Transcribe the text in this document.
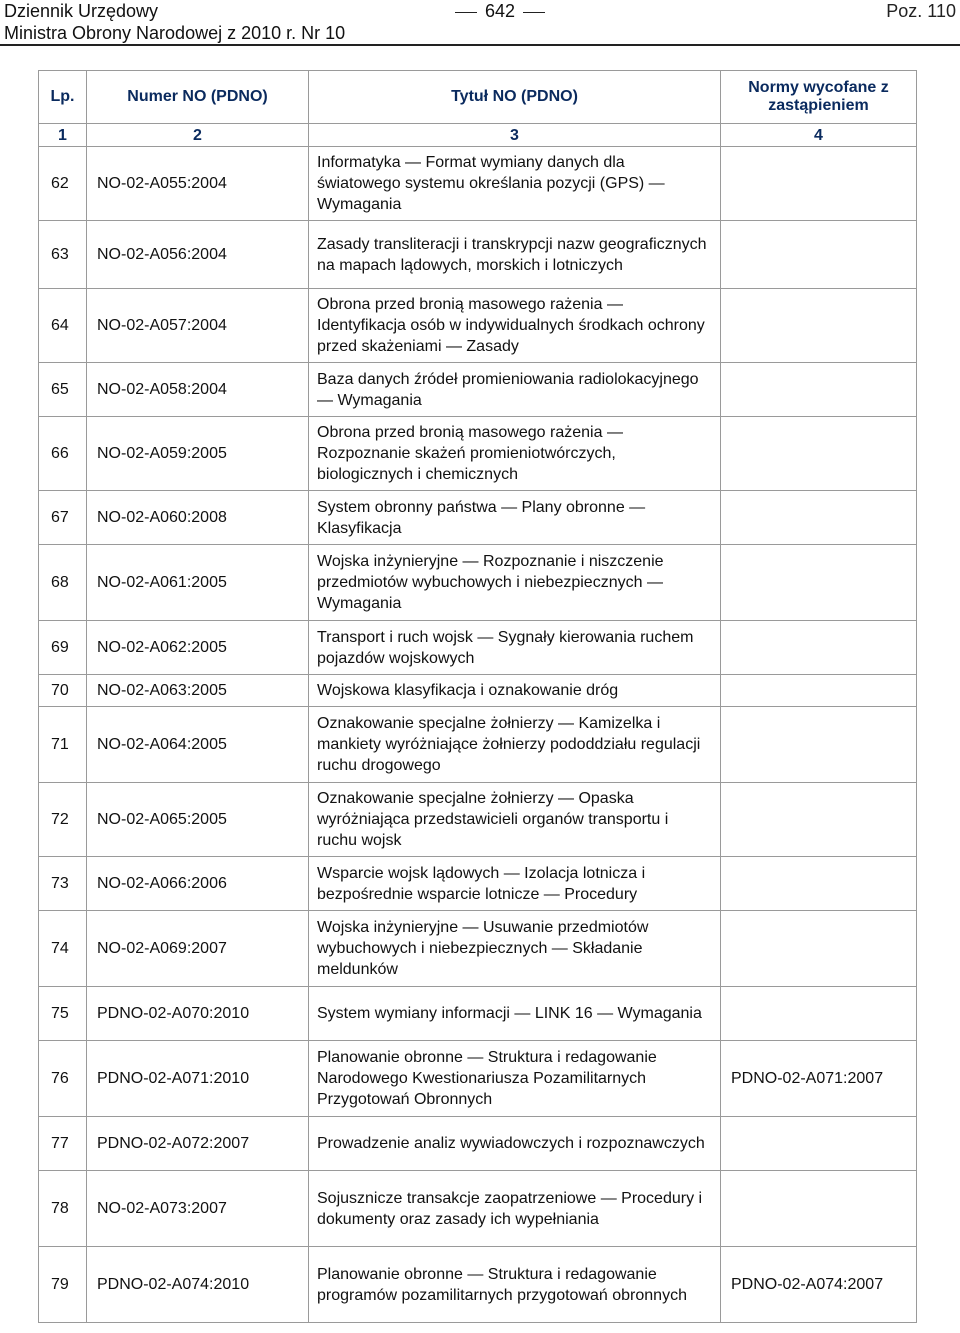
Dziennik Urzędowy
Ministra Obrony Narodowej z 2010 r. Nr 10
642	Poz. 110
Lp.	Numer NO (PDNO)	Tytuł NO (PDNO)	Normy wycofane z zastąpieniem
1	2	3	4
62	NO-02-A055:2004	Informatyka — Format wymiany danych dla światowego systemu określania pozycji (GPS) — Wymagania	
63	NO-02-A056:2004	Zasady transliteracji i transkrypcji nazw geograficznych na mapach lądowych, morskich i lotniczych	
64	NO-02-A057:2004	Obrona przed bronią masowego rażenia — Identyfikacja osób w indywidualnych środkach ochrony przed skażeniami — Zasady	
65	NO-02-A058:2004	Baza danych źródeł promieniowania radiolokacyjnego — Wymagania	
66	NO-02-A059:2005	Obrona przed bronią masowego rażenia — Rozpoznanie skażeń promieniotwórczych, biologicznych i chemicznych	
67	NO-02-A060:2008	System obronny państwa — Plany obronne — Klasyfikacja	
68	NO-02-A061:2005	Wojska inżynieryjne — Rozpoznanie i niszczenie przedmiotów wybuchowych i niebezpiecznych — Wymagania	
69	NO-02-A062:2005	Transport i ruch wojsk — Sygnały kierowania ruchem pojazdów wojskowych	
70	NO-02-A063:2005	Wojskowa klasyfikacja i oznakowanie dróg	
71	NO-02-A064:2005	Oznakowanie specjalne żołnierzy — Kamizelka i mankiety wyróżniające żołnierzy pododdziału regulacji ruchu drogowego	
72	NO-02-A065:2005	Oznakowanie specjalne żołnierzy — Opaska wyróżniająca przedstawicieli organów transportu i ruchu wojsk	
73	NO-02-A066:2006	Wsparcie wojsk lądowych — Izolacja lotnicza i bezpośrednie wsparcie lotnicze — Procedury	
74	NO-02-A069:2007	Wojska inżynieryjne — Usuwanie przedmiotów wybuchowych i niebezpiecznych — Składanie meldunków	
75	PDNO-02-A070:2010	System wymiany informacji — LINK 16 — Wymagania	
76	PDNO-02-A071:2010	Planowanie obronne — Struktura i redagowanie Narodowego Kwestionariusza Pozamilitarnych Przygotowań Obronnych	PDNO-02-A071:2007
77	PDNO-02-A072:2007	Prowadzenie analiz wywiadowczych i rozpoznawczych	
78	NO-02-A073:2007	Sojusznicze transakcje zaopatrzeniowe — Procedury i dokumenty oraz zasady ich wypełniania	
79	PDNO-02-A074:2010	Planowanie obronne — Struktura i redagowanie programów pozamilitarnych przygotowań obronnych	PDNO-02-A074:2007
